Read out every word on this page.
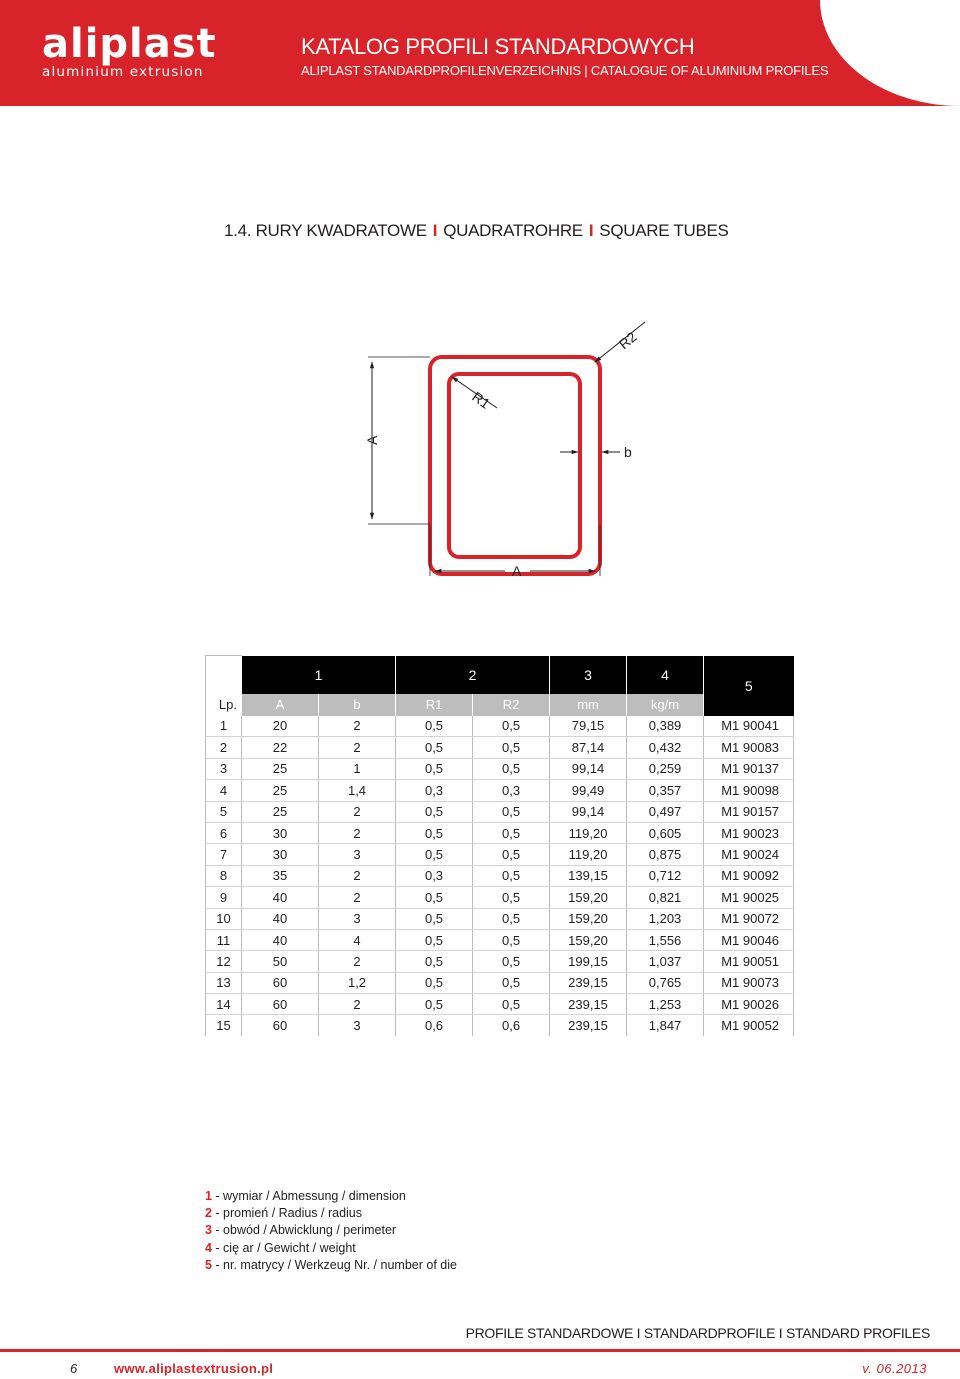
aliplast
aluminium extrusion
KATALOG PROFILI STANDARDOWYCH
ALIPLAST STANDARDPROFILENVERZEICHNIS | CATALOGUE OF ALUMINIUM PROFILES
1.4. RURY KWADRATOWE I QUADRATROHRE I SQUARE TUBES
R2
R1
A
b
A
	1		2		3	4	5
Lp.	A	b	R1	R2	mm	kg/m	
1	20	2	0,5	0,5	79,15	0,389	M1 90041
2	22	2	0,5	0,5	87,14	0,432	M1 90083
3	25	1	0,5	0,5	99,14	0,259	M1 90137
4	25	1,4	0,3	0,3	99,49	0,357	M1 90098
5	25	2	0,5	0,5	99,14	0,497	M1 90157
6	30	2	0,5	0,5	119,20	0,605	M1 90023
7	30	3	0,5	0,5	119,20	0,875	M1 90024
8	35	2	0,3	0,5	139,15	0,712	M1 90092
9	40	2	0,5	0,5	159,20	0,821	M1 90025
10	40	3	0,5	0,5	159,20	1,203	M1 90072
11	40	4	0,5	0,5	159,20	1,556	M1 90046
12	50	2	0,5	0,5	199,15	1,037	M1 90051
13	60	1,2	0,5	0,5	239,15	0,765	M1 90073
14	60	2	0,5	0,5	239,15	1,253	M1 90026
15	60	3	0,6	0,6	239,15	1,847	M1 90052
1 - wymiar / Abmessung / dimension
2 - promień / Radius / radius
3 - obwód / Abwicklung / perimeter
4 - cię ar / Gewicht / weight
5 - nr. matrycy / Werkzeug Nr. / number of die
PROFILE STANDARDOWE I STANDARDPROFILE I STANDARD PROFILES
6	www.aliplastextrusion.pl	v. 06.2013
